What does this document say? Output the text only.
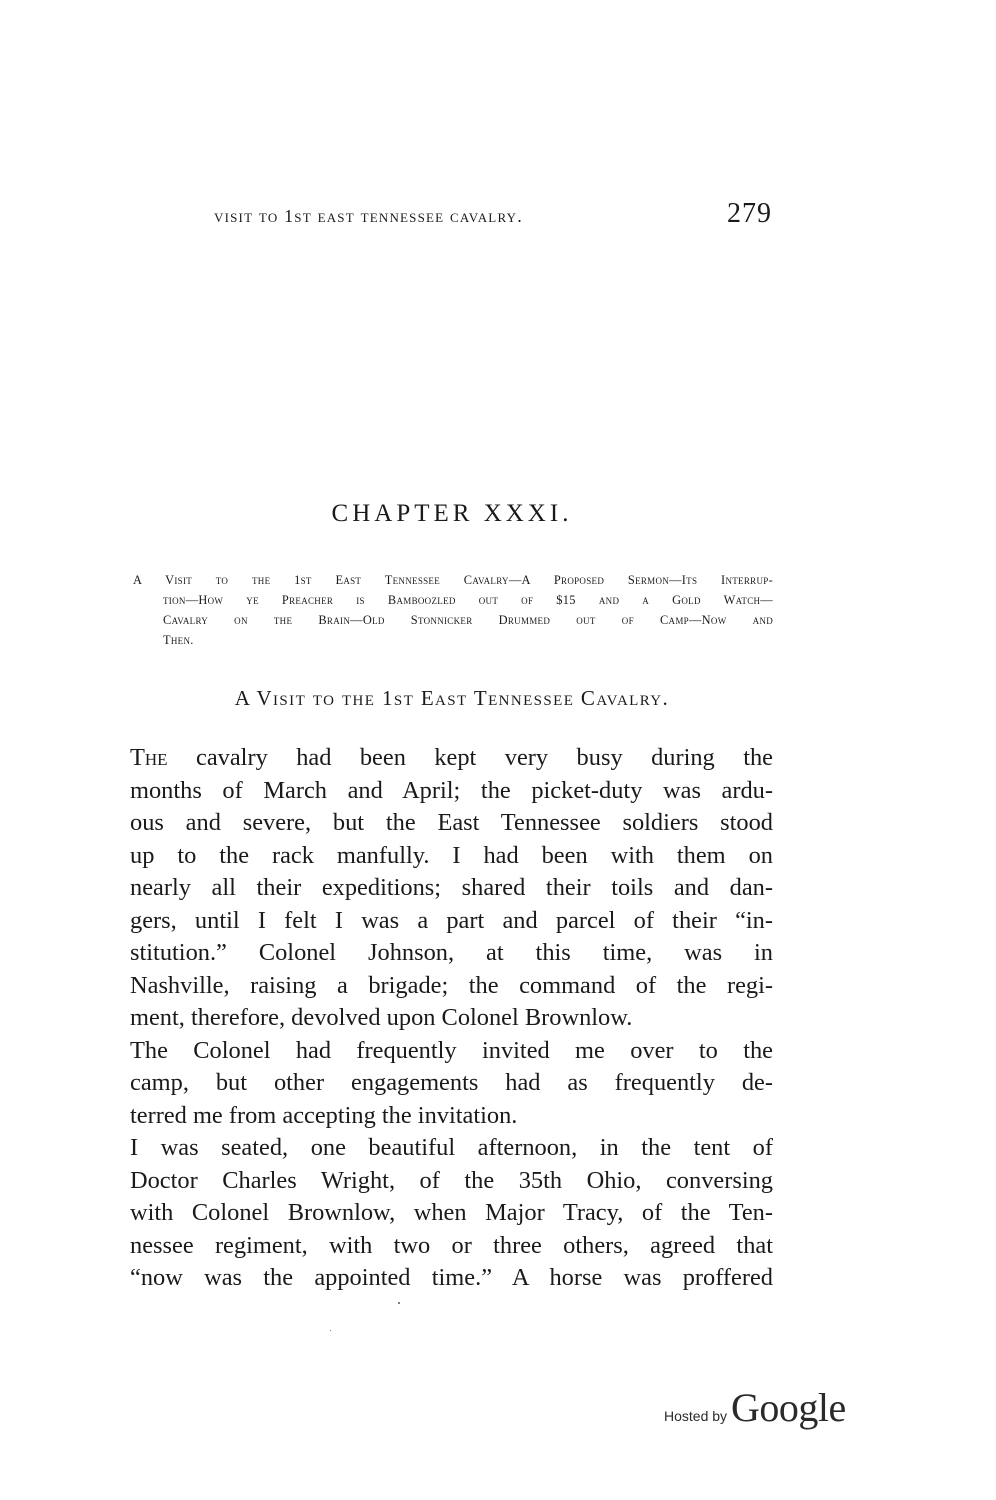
visit to 1st east tennessee cavalry.	279
CHAPTER XXXI.
A Visit to the 1st East Tennessee Cavalry—A Proposed Sermon—Its Interrup-
tion—How ye Preacher is Bamboozled out of $15 and a Gold Watch—
Cavalry on the Brain—Old Stonnicker Drummed out of Camp—Now and
Then.
A Visit to the 1st East Tennessee Cavalry.
The cavalry had been kept very busy during the
months of March and April; the picket-duty was ardu-
ous and severe, but the East Tennessee soldiers stood
up to the rack manfully. I had been with them on
nearly all their expeditions; shared their toils and dan-
gers, until I felt I was a part and parcel of their “in-
stitution.” Colonel Johnson, at this time, was in
Nashville, raising a brigade; the command of the regi-
ment, therefore, devolved upon Colonel Brownlow.
The Colonel had frequently invited me over to the
camp, but other engagements had as frequently de-
terred me from accepting the invitation.
I was seated, one beautiful afternoon, in the tent of
Doctor Charles Wright, of the 35th Ohio, conversing
with Colonel Brownlow, when Major Tracy, of the Ten-
nessee regiment, with two or three others, agreed that
“now was the appointed time.” A horse was proffered
Hosted by Google
